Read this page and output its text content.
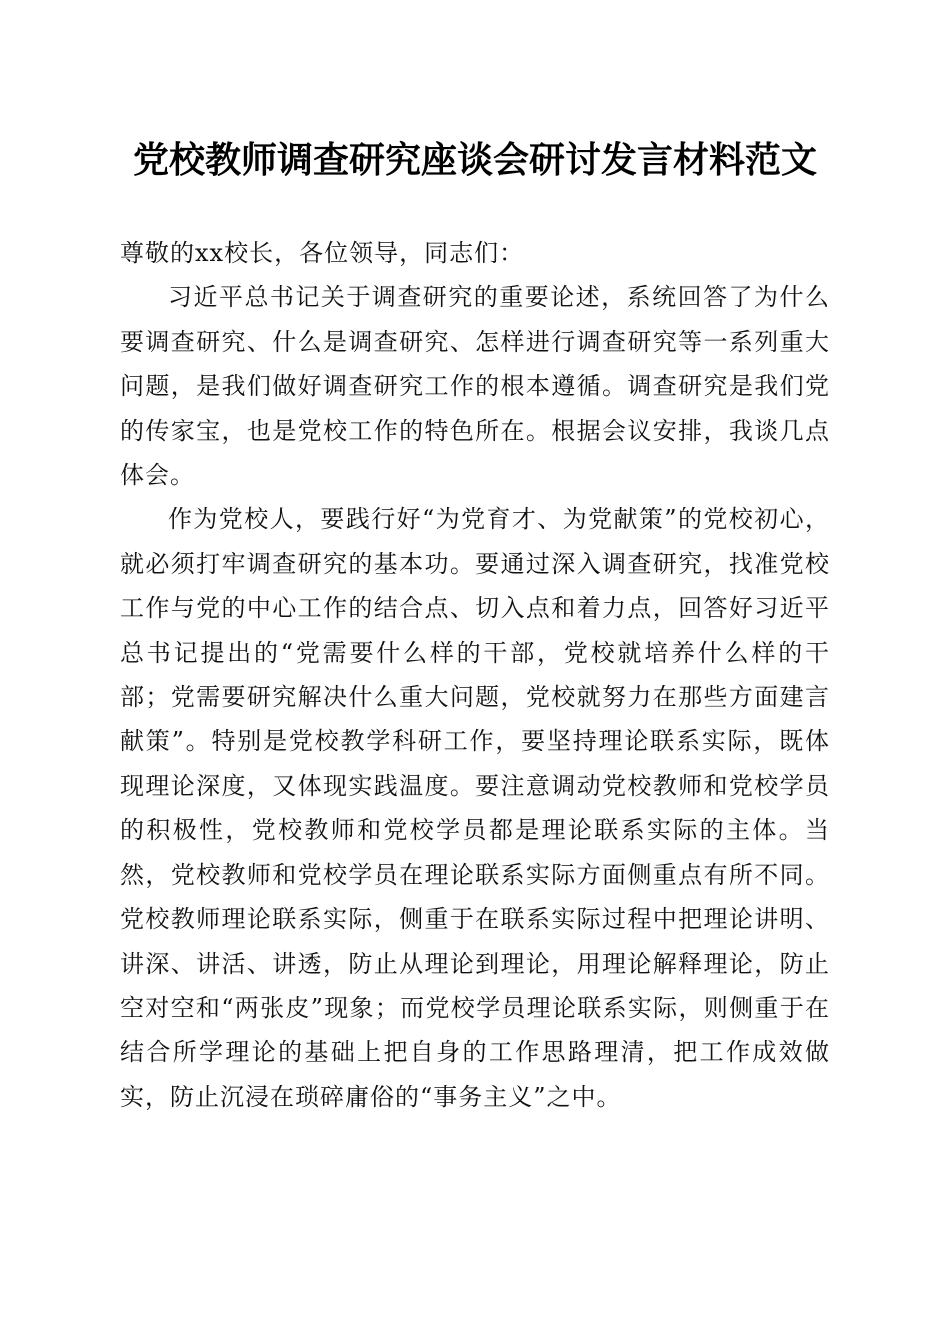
党校教师调查研究座谈会研讨发言材料范文

尊敬的xx校长，各位领导，同志们：

习近平总书记关于调查研究的重要论述，系统回答了为什么要调查研究、什么是调查研究、怎样进行调查研究等一系列重大问题，是我们做好调查研究工作的根本遵循。调查研究是我们党的传家宝，也是党校工作的特色所在。根据会议安排，我谈几点体会。

作为党校人，要践行好“为党育才、为党献策”的党校初心，就必须打牢调查研究的基本功。要通过深入调查研究，找准党校工作与党的中心工作的结合点、切入点和着力点，回答好习近平总书记提出的“党需要什么样的干部，党校就培养什么样的干部；党需要研究解决什么重大问题，党校就努力在那些方面建言献策”。特别是党校教学科研工作，要坚持理论联系实际，既体现理论深度，又体现实践温度。要注意调动党校教师和党校学员的积极性，党校教师和党校学员都是理论联系实际的主体。当然，党校教师和党校学员在理论联系实际方面侧重点有所不同。党校教师理论联系实际，侧重于在联系实际过程中把理论讲明、讲深、讲活、讲透，防止从理论到理论，用理论解释理论，防止空对空和“两张皮”现象；而党校学员理论联系实际，则侧重于在结合所学理论的基础上把自身的工作思路理清，把工作成效做实，防止沉浸在琐碎庸俗的“事务主义”之中。
